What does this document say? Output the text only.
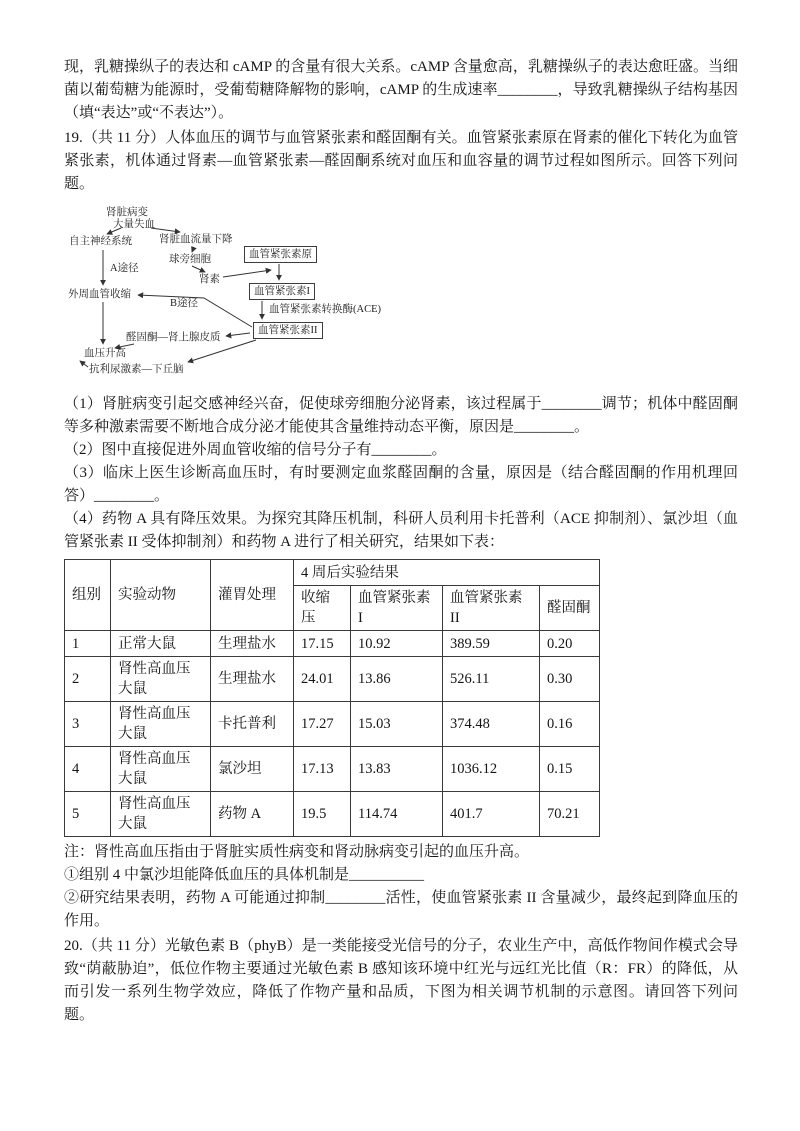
现，乳糖操纵子的表达和 cAMP 的含量有很大关系。cAMP 含量愈高，乳糖操纵子的表达愈旺盛。当细菌以葡萄糖为能源时，受葡萄糖降解物的影响，cAMP 的生成速率________，导致乳糖操纵子结构基因（填“表达”或“不表达”）。

19.（共 11 分）人体血压的调节与血管紧张素和醛固酮有关。血管紧张素原在肾素的催化下转化为血管紧张素，机体通过肾素—血管紧张素—醛固酮系统对血压和血容量的调节过程如图所示。回答下列问题。

肾脏病变
大量失血
自主神经系统	肾脏血流量下降
球旁细胞
肾素
A途径
外周血管收缩
B途径
血管紧张素原
血管紧张素I
血管紧张素转换酶(ACE)
血管紧张素II
醛固酮—肾上腺皮质
血压升高
抗利尿激素—下丘脑

（1）肾脏病变引起交感神经兴奋，促使球旁细胞分泌肾素，该过程属于________调节；机体中醛固酮等多种激素需要不断地合成分泌才能使其含量维持动态平衡，原因是________。

（2）图中直接促进外周血管收缩的信号分子有________。

（3）临床上医生诊断高血压时，有时要测定血浆醛固酮的含量，原因是（结合醛固酮的作用机理回答）________。

（4）药物 A 具有降压效果。为探究其降压机制，科研人员利用卡托普利（ACE 抑制剂）、氯沙坦（血管紧张素 II 受体抑制剂）和药物 A 进行了相关研究，结果如下表：

组别	实验动物	灌胃处理	4 周后实验结果			
			收缩压	血管紧张素 I	血管紧张素 II	醛固酮
1	正常大鼠	生理盐水	17.15	10.92	389.59	0.20
2	肾性高血压大鼠	生理盐水	24.01	13.86	526.11	0.30
3	肾性高血压大鼠	卡托普利	17.27	15.03	374.48	0.16
4	肾性高血压大鼠	氯沙坦	17.13	13.83	1036.12	0.15
5	肾性高血压大鼠	药物 A	19.5	114.74	401.7	70.21

注：肾性高血压指由于肾脏实质性病变和肾动脉病变引起的血压升高。

①组别 4 中氯沙坦能降低血压的具体机制是__________

②研究结果表明，药物 A 可能通过抑制________活性，使血管紧张素 II 含量减少，最终起到降血压的作用。

20.（共 11 分）光敏色素 B（phyB）是一类能接受光信号的分子，农业生产中，高低作物间作模式会导致“荫蔽胁迫”，低位作物主要通过光敏色素 B 感知该环境中红光与远红光比值（R：FR）的降低，从而引发一系列生物学效应，降低了作物产量和品质，下图为相关调节机制的示意图。请回答下列问题。
